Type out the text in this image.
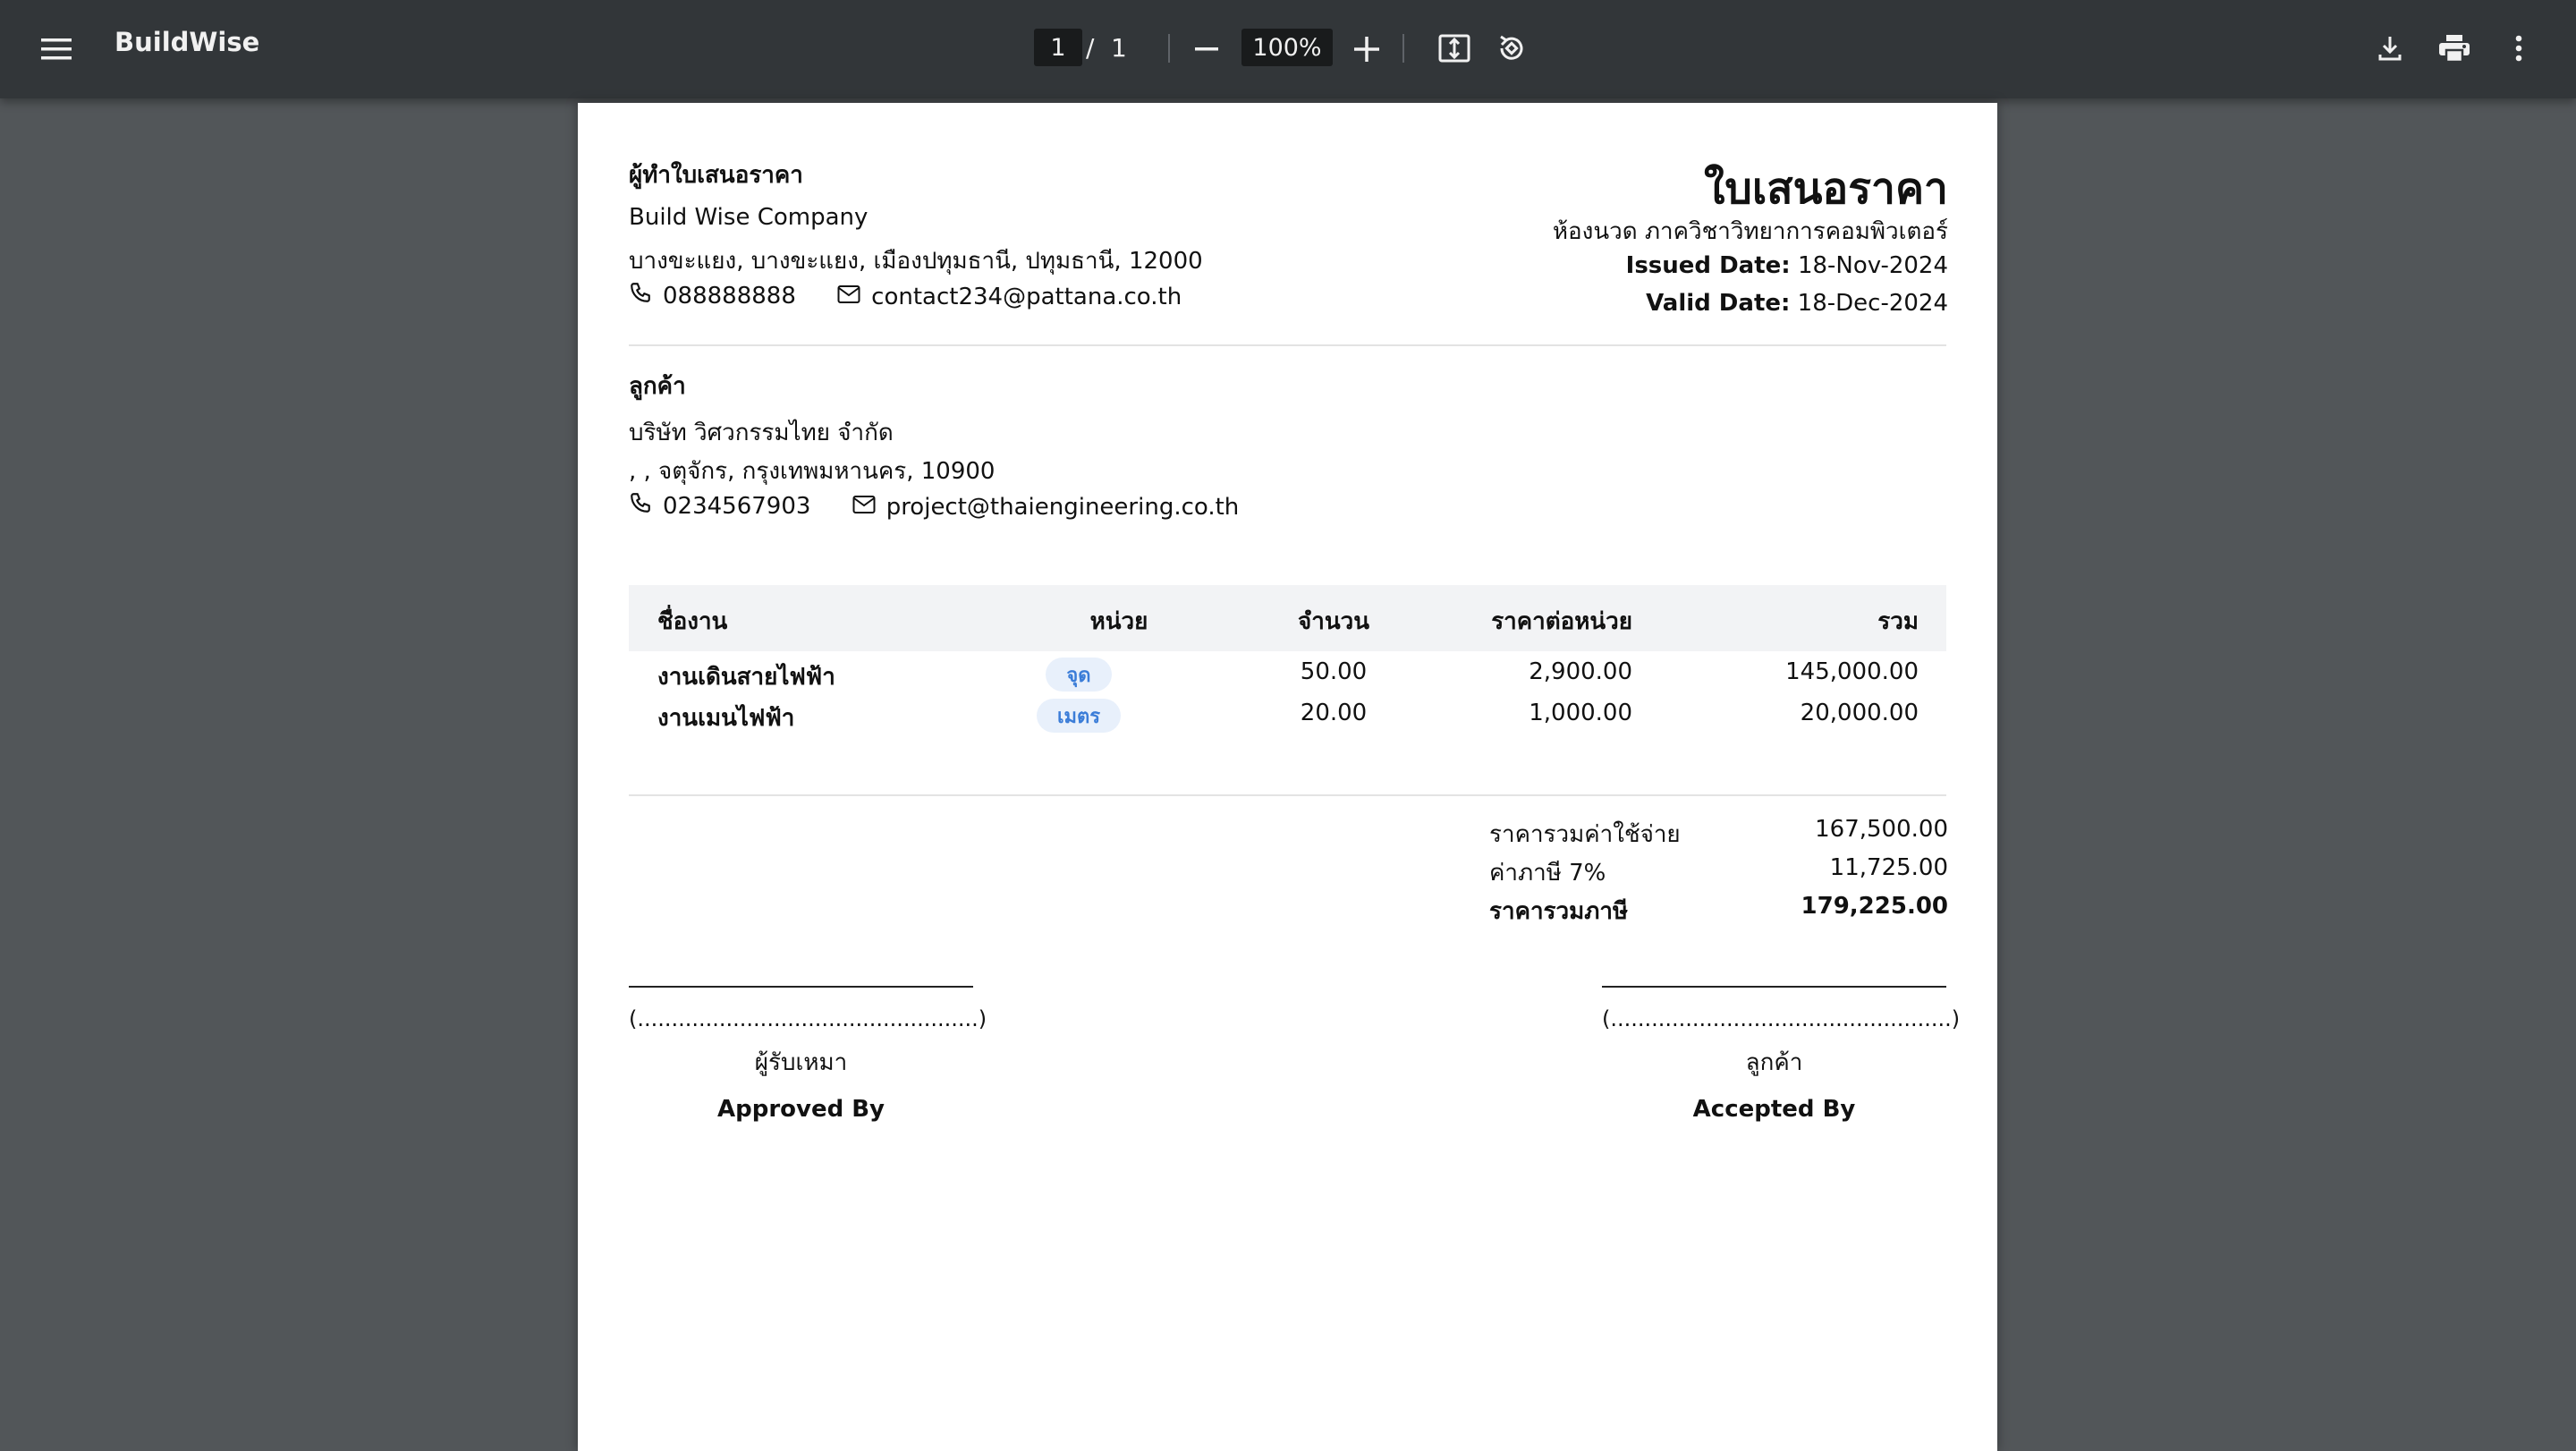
BuildWise	1 / 1	100%
ผู้ทำใบเสนอราคา
Build Wise Company
บางขะแยง, บางขะแยง, เมืองปทุมธานี, ปทุมธานี, 12000
088888888
	contact234@pattana.co.th
ใบเสนอราคา
ห้องนวด ภาควิชาวิทยาการคอมพิวเตอร์
Issued Date: 18-Nov-2024
Valid Date: 18-Dec-2024
ลูกค้า
บริษัท วิศวกรรมไทย จำกัด
, , จตุจักร, กรุงเทพมหานคร, 10900
0234567903
	project@thaiengineering.co.th
ชื่องาน	หน่วย	จำนวน	ราคาต่อหน่วย	รวม
งานเดินสายไฟฟ้า	จุด	50.00	2,900.00	145,000.00
งานเมนไฟฟ้า	เมตร	20.00	1,000.00	20,000.00
ราคารวมค่าใช้จ่าย	167,500.00
ค่าภาษี 7%	11,725.00
ราคารวมภาษี	179,225.00
(..................................................)
ผู้รับเหมา
Approved By
(..................................................)
ลูกค้า
Accepted By
